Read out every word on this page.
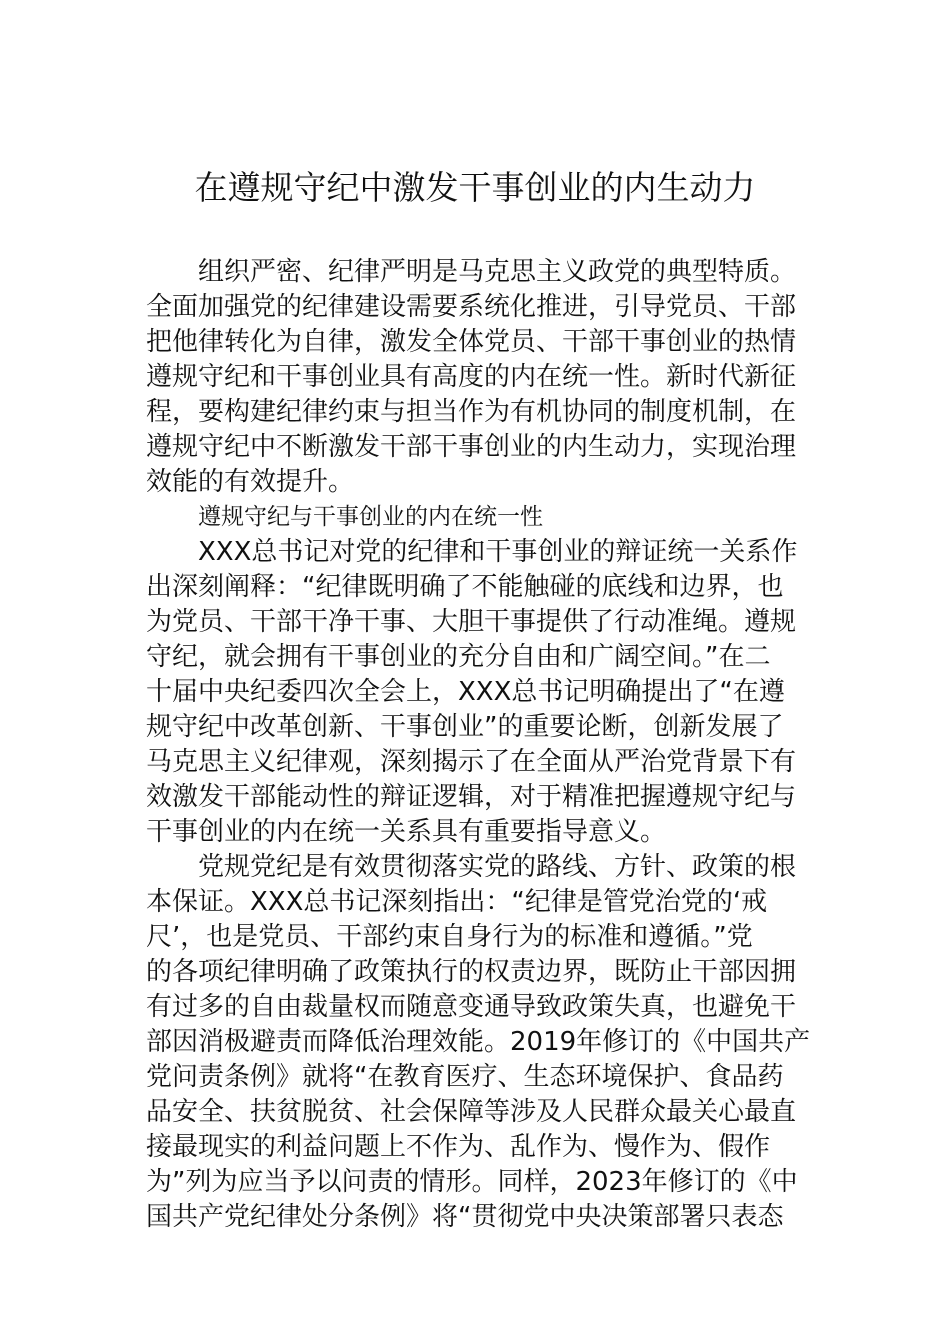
在遵规守纪中激发干事创业的内生动力
组织严密、纪律严明是马克思主义政党的典型特质。
全面加强党的纪律建设需要系统化推进，引导党员、干部
把他律转化为自律，激发全体党员、干部干事创业的热情
遵规守纪和干事创业具有高度的内在统一性。新时代新征
程，要构建纪律约束与担当作为有机协同的制度机制，在
遵规守纪中不断激发干部干事创业的内生动力，实现治理
效能的有效提升。
遵规守纪与干事创业的内在统一性
XXX总书记对党的纪律和干事创业的辩证统一关系作
出深刻阐释：“纪律既明确了不能触碰的底线和边界，也
为党员、干部干净干事、大胆干事提供了行动准绳。遵规
守纪，就会拥有干事创业的充分自由和广阔空间。”在二
十届中央纪委四次全会上，XXX总书记明确提出了“在遵
规守纪中改革创新、干事创业”的重要论断，创新发展了
马克思主义纪律观，深刻揭示了在全面从严治党背景下有
效激发干部能动性的辩证逻辑，对于精准把握遵规守纪与
干事创业的内在统一关系具有重要指导意义。
党规党纪是有效贯彻落实党的路线、方针、政策的根
本保证。XXX总书记深刻指出：“纪律是管党治党的‘戒
尺’，也是党员、干部约束自身行为的标准和遵循。”党
的各项纪律明确了政策执行的权责边界，既防止干部因拥
有过多的自由裁量权而随意变通导致政策失真，也避免干
部因消极避责而降低治理效能。2019年修订的《中国共产
党问责条例》就将“在教育医疗、生态环境保护、食品药
品安全、扶贫脱贫、社会保障等涉及人民群众最关心最直
接最现实的利益问题上不作为、乱作为、慢作为、假作
为”列为应当予以问责的情形。同样，2023年修订的《中
国共产党纪律处分条例》将“贯彻党中央决策部署只表态
